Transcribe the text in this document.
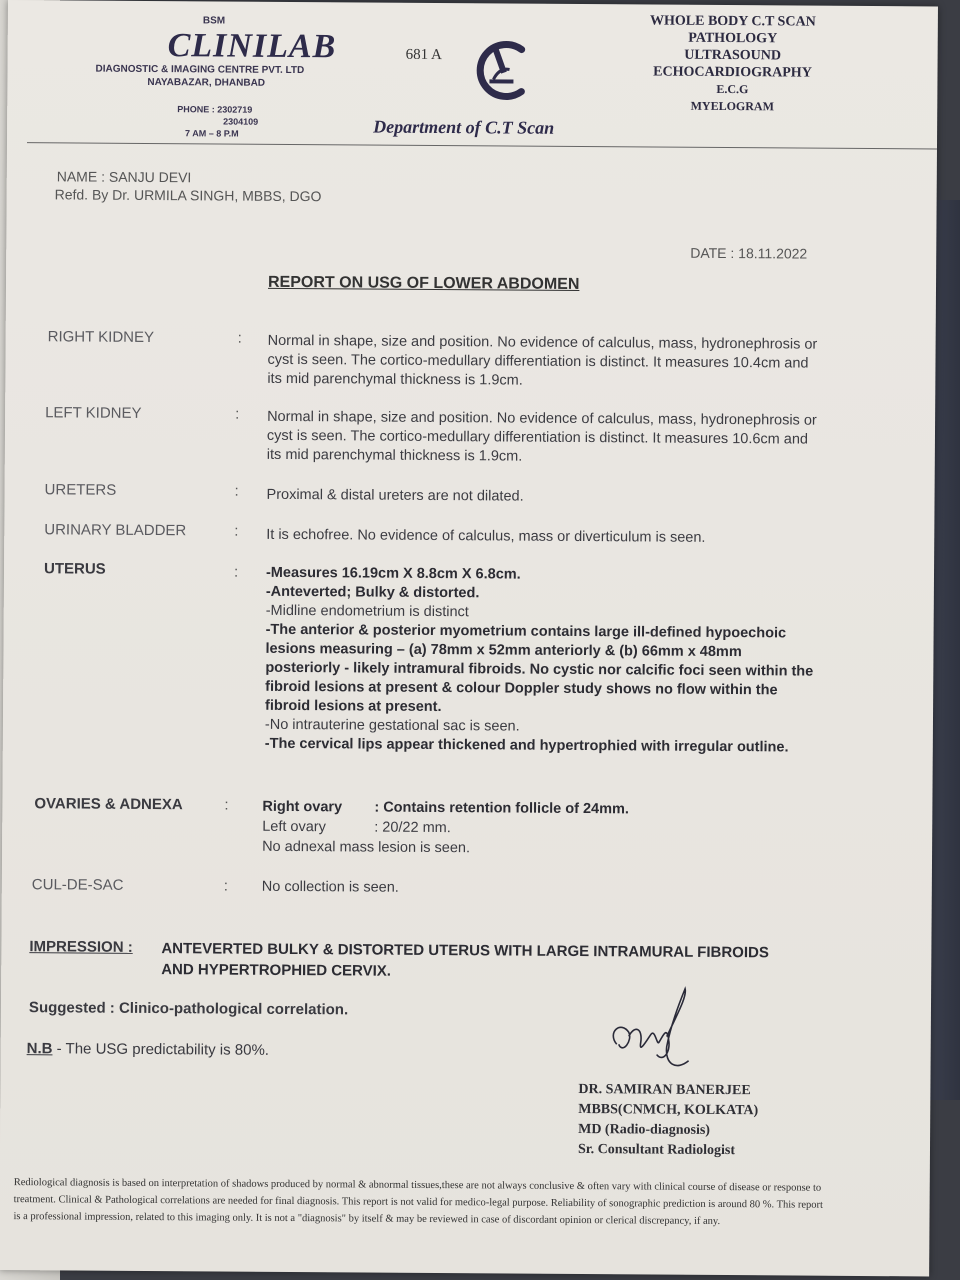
BSM
CLINILAB
DIAGNOSTIC & IMAGING CENTRE PVT. LTD
NAYABAZAR, DHANBAD
PHONE : 2302719
2304109
7 AM – 8 P.M
681 A
Department of C.T Scan
WHOLE BODY C.T SCAN
PATHOLOGY
ULTRASOUND
ECHOCARDIOGRAPHY
E.C.G
MYELOGRAM
NAME : SANJU DEVI
Refd. By Dr. URMILA SINGH, MBBS, DGO
DATE : 18.11.2022
REPORT ON USG OF LOWER ABDOMEN
RIGHT KIDNEY	: Normal in shape, size and position. No evidence of calculus, mass, hydronephrosis or cyst is seen. The cortico-medullary differentiation is distinct. It measures 10.4cm and its mid parenchymal thickness is 1.9cm.
LEFT KIDNEY	: Normal in shape, size and position. No evidence of calculus, mass, hydronephrosis or cyst is seen. The cortico-medullary differentiation is distinct. It measures 10.6cm and its mid parenchymal thickness is 1.9cm.
URETERS	: Proximal & distal ureters are not dilated.
URINARY BLADDER	: It is echofree. No evidence of calculus, mass or diverticulum is seen.
UTERUS	: -Measures 16.19cm X 8.8cm X 6.8cm.
-Anteverted; Bulky & distorted.
-Midline endometrium is distinct
-The anterior & posterior myometrium contains large ill-defined hypoechoic lesions measuring – (a) 78mm x 52mm anteriorly & (b) 66mm x 48mm posteriorly - likely intramural fibroids. No cystic nor calcific foci seen within the fibroid lesions at present & colour Doppler study shows no flow within the fibroid lesions at present.
-No intrauterine gestational sac is seen.
-The cervical lips appear thickened and hypertrophied with irregular outline.
OVARIES & ADNEXA	: Right ovary : Contains retention follicle of 24mm.
Left ovary	: 20/22 mm.
No adnexal mass lesion is seen.
CUL-DE-SAC	: No collection is seen.
IMPRESSION : ANTEVERTED BULKY & DISTORTED UTERUS WITH LARGE INTRAMURAL FIBROIDS AND HYPERTROPHIED CERVIX.
Suggested : Clinico-pathological correlation.
N.B - The USG predictability is 80%.
DR. SAMIRAN BANERJEE
MBBS(CNMCH, KOLKATA)
MD (Radio-diagnosis)
Sr. Consultant Radiologist
Rediological diagnosis is based on interpretation of shadows produced by normal & abnormal tissues,these are not always conclusive & often vary with clinical course of disease or response to treatment. Clinical & Pathological correlations are needed for final diagnosis. This report is not valid for medico-legal purpose. Reliability of sonographic prediction is around 80 %. This report is a professional impression, related to this imaging only. It is not a "diagnosis" by itself & may be reviewed in case of discordant opinion or clerical discrepancy, if any.
